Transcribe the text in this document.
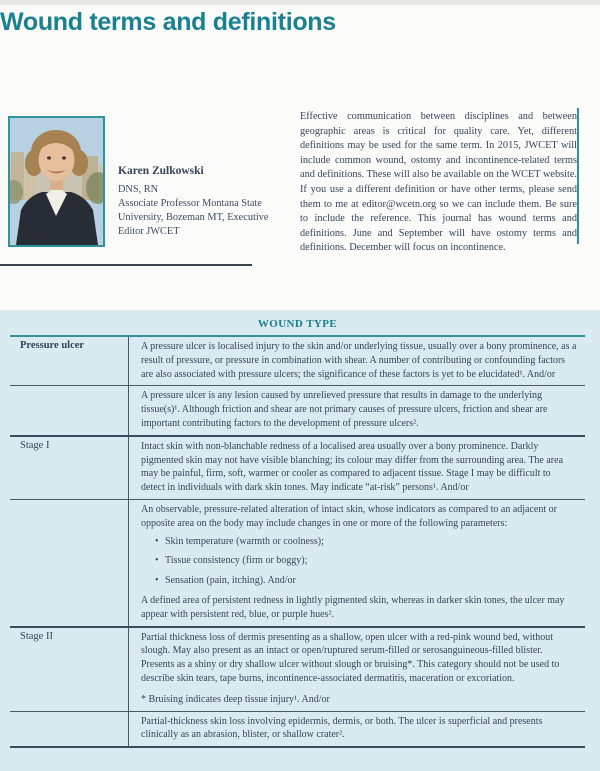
Wound terms and definitions
Karen Zulkowski
DNS, RN
Associate Professor Montana State
University, Bozeman MT, Executive
Editor JWCET
Effective communication between disciplines and between geographic areas is critical for quality care. Yet, different definitions may be used for the same term. In 2015, JWCET will include common wound, ostomy and incontinence-related terms and definitions. These will also be available on the WCET website. If you use a different definition or have other terms, please send them to me at editor@wcetn.org so we can include them. Be sure to include the reference. This journal has wound terms and definitions. June and September will have ostomy terms and definitions. December will focus on incontinence.
WOUND TYPE
Pressure ulcer	A pressure ulcer is localised injury to the skin and/or underlying tissue, usually over a bony prominence, as a result of pressure, or pressure in combination with shear. A number of contributing or confounding factors are also associated with pressure ulcers; the significance of these factors is yet to be elucidated¹. And/or

A pressure ulcer is any lesion caused by unrelieved pressure that results in damage to the underlying tissue(s)¹. Although friction and shear are not primary causes of pressure ulcers, friction and shear are important contributing factors to the development of pressure ulcers².

Stage I	Intact skin with non-blanchable redness of a localised area usually over a bony prominence. Darkly pigmented skin may not have visible blanching; its colour may differ from the surrounding area. The area may be painful, firm, soft, warmer or cooler as compared to adjacent tissue. Stage I may be difficult to detect in individuals with dark skin tones. May indicate “at-risk” persons¹. And/or

An observable, pressure-related alteration of intact skin, whose indicators as compared to an adjacent or opposite area on the body may include changes in one or more of the following parameters:

• Skin temperature (warmth or coolness);
• Tissue consistency (firm or boggy);
• Sensation (pain, itching). And/or

A defined area of persistent redness in lightly pigmented skin, whereas in darker skin tones, the ulcer may appear with persistent red, blue, or purple hues².

Stage II	Partial thickness loss of dermis presenting as a shallow, open ulcer with a red-pink wound bed, without slough. May also present as an intact or open/ruptured serum-filled or serosanguineous-filled blister. Presents as a shiny or dry shallow ulcer without slough or bruising*. This category should not be used to describe skin tears, tape burns, incontinence-associated dermatitis, maceration or excoriation.

* Bruising indicates deep tissue injury¹. And/or

Partial-thickness skin loss involving epidermis, dermis, or both. The ulcer is superficial and presents clinically as an abrasion, blister, or shallow crater².
